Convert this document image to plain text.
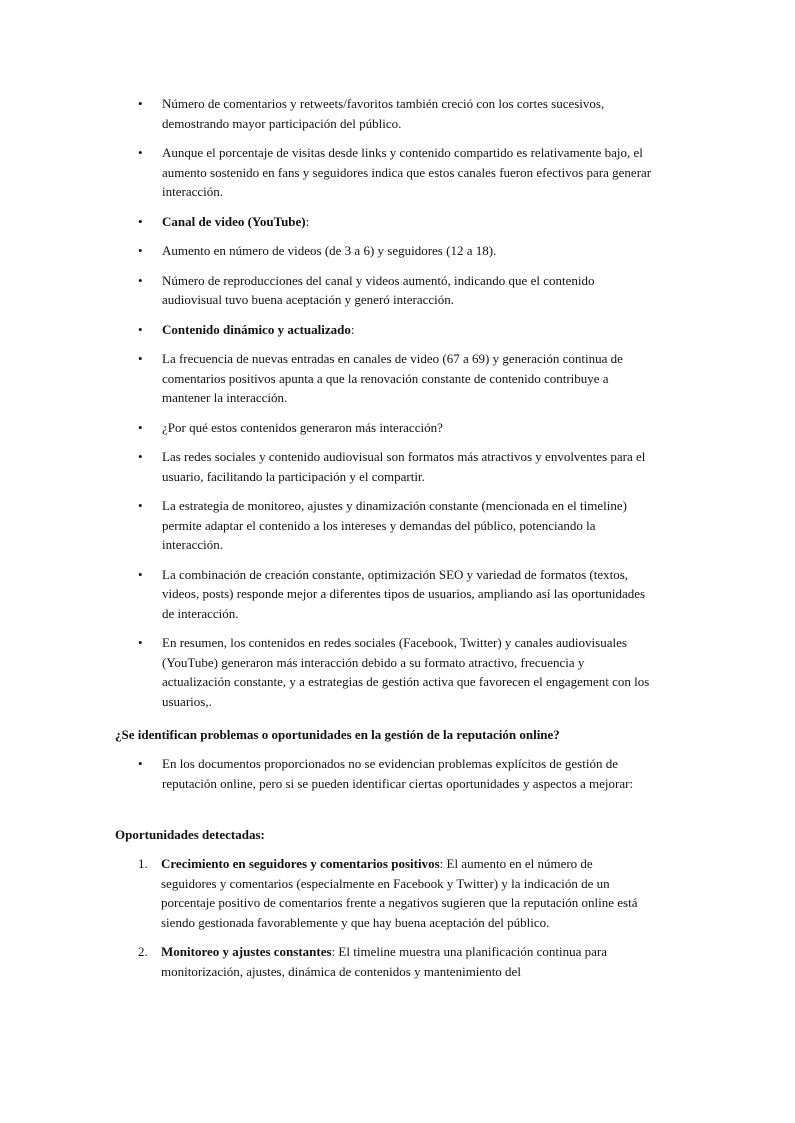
• Número de comentarios y retweets/favoritos también creció con los cortes sucesivos, demostrando mayor participación del público.
• Aunque el porcentaje de visitas desde links y contenido compartido es relativamente bajo, el aumento sostenido en fans y seguidores indica que estos canales fueron efectivos para generar interacción.
• Canal de video (YouTube):
• Aumento en número de videos (de 3 a 6) y seguidores (12 a 18).
• Número de reproducciones del canal y videos aumentó, indicando que el contenido audiovisual tuvo buena aceptación y generó interacción.
• Contenido dinámico y actualizado:
• La frecuencia de nuevas entradas en canales de video (67 a 69) y generación continua de comentarios positivos apunta a que la renovación constante de contenido contribuye a mantener la interacción.
• ¿Por qué estos contenidos generaron más interacción?
• Las redes sociales y contenido audiovisual son formatos más atractivos y envolventes para el usuario, facilitando la participación y el compartir.
• La estrategia de monitoreo, ajustes y dinamización constante (mencionada en el timeline) permite adaptar el contenido a los intereses y demandas del público, potenciando la interacción.
• La combinación de creación constante, optimización SEO y variedad de formatos (textos, videos, posts) responde mejor a diferentes tipos de usuarios, ampliando así las oportunidades de interacción.
• En resumen, los contenidos en redes sociales (Facebook, Twitter) y canales audiovisuales (YouTube) generaron más interacción debido a su formato atractivo, frecuencia y actualización constante, y a estrategias de gestión activa que favorecen el engagement con los usuarios,.
¿Se identifican problemas o oportunidades en la gestión de la reputación online?
• En los documentos proporcionados no se evidencian problemas explícitos de gestión de reputación online, pero si se pueden identificar ciertas oportunidades y aspectos a mejorar:
Oportunidades detectadas:
1. Crecimiento en seguidores y comentarios positivos: El aumento en el número de seguidores y comentarios (especialmente en Facebook y Twitter) y la indicación de un porcentaje positivo de comentarios frente a negativos sugieren que la reputación online está siendo gestionada favorablemente y que hay buena aceptación del público.
2. Monitoreo y ajustes constantes: El timeline muestra una planificación continua para monitorización, ajustes, dinámica de contenidos y mantenimiento del
